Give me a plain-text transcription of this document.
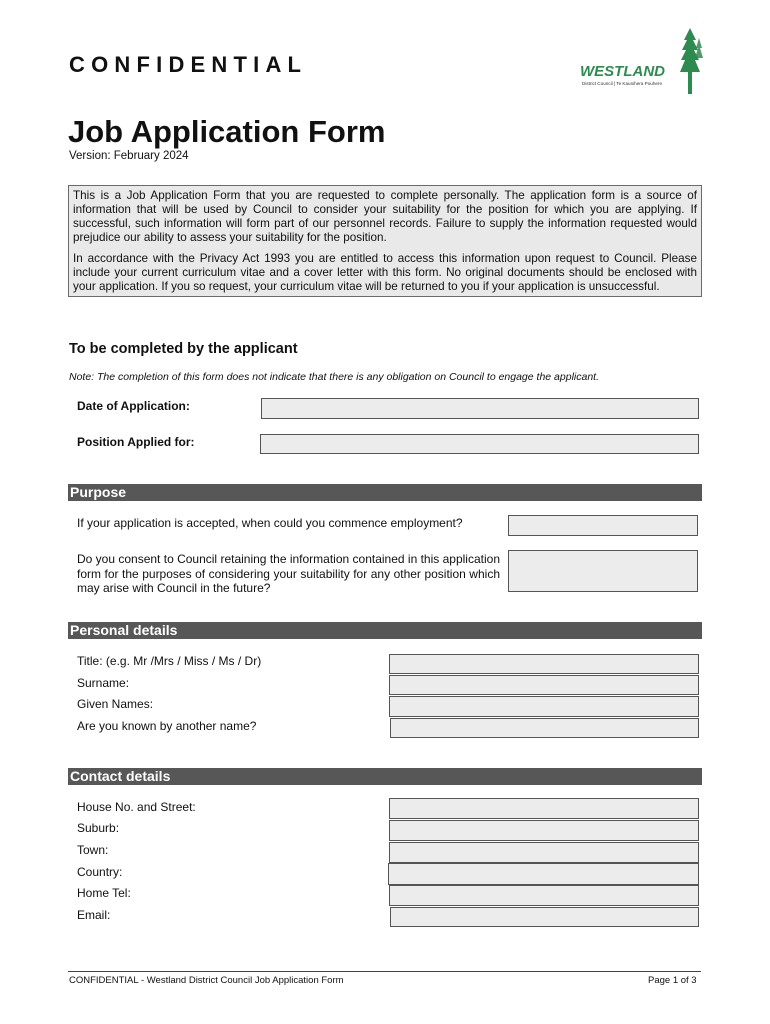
CONFIDENTIAL	WESTLAND
District Council | Te Kaunihera Pouhere
Job Application Form
Version: February 2024

This is a Job Application Form that you are requested to complete personally. The application form is a source of information that will be used by Council to consider your suitability for the position for which you are applying. If successful, such information will form part of our personnel records. Failure to supply the information requested would prejudice our ability to assess your suitability for the position.

In accordance with the Privacy Act 1993 you are entitled to access this information upon request to Council. Please include your current curriculum vitae and a cover letter with this form. No original documents should be enclosed with your application. If you so request, your curriculum vitae will be returned to you if your application is unsuccessful.

To be completed by the applicant
Note: The completion of this form does not indicate that there is any obligation on Council to engage the applicant.
Date of Application:
Position Applied for:
Purpose
If your application is accepted, when could you commence employment?
Do you consent to Council retaining the information contained in this application form for the purposes of considering your suitability for any other position which may arise with Council in the future?
Personal details
Title: (e.g. Mr /Mrs / Miss / Ms / Dr)
Surname:
Given Names:
Are you known by another name?
Contact details
House No. and Street:
Suburb:
Town:
Country:
Home Tel:
Email:
CONFIDENTIAL - Westland District Council Job Application Form	Page 1 of 3
